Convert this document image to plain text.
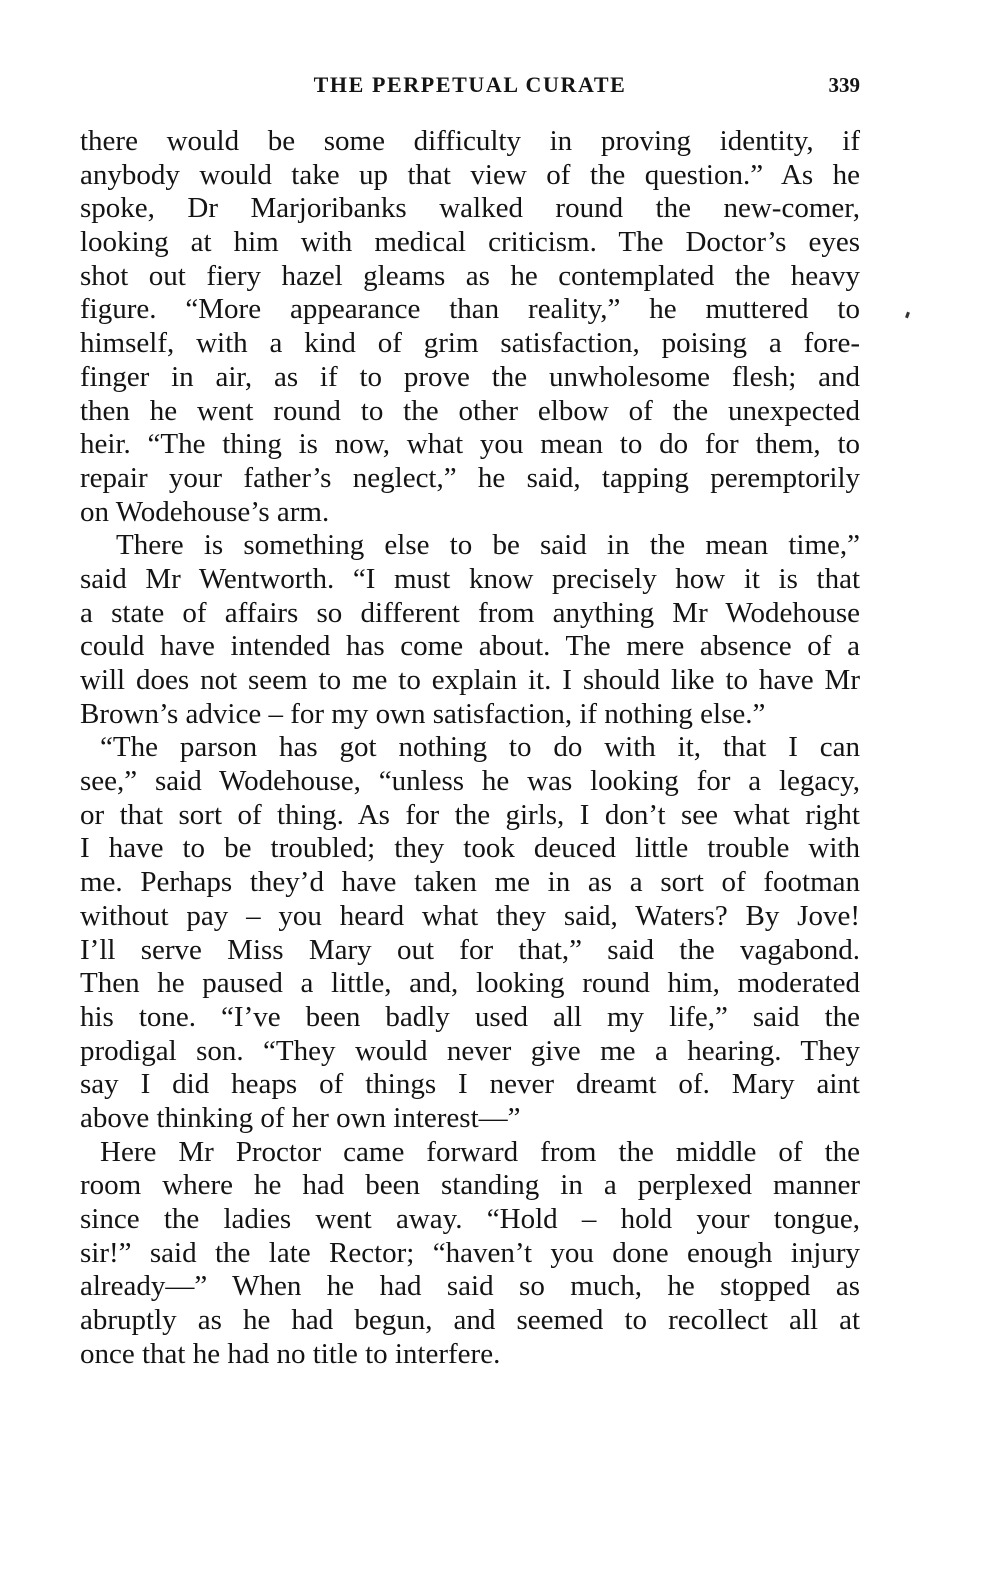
THE PERPETUAL CURATE	339
there would be some difficulty in proving identity, if
anybody would take up that view of the question.” As he
spoke, Dr Marjoribanks walked round the new-comer,
looking at him with medical criticism. The Doctor’s eyes
shot out fiery hazel gleams as he contemplated the heavy
figure. “More appearance than reality,” he muttered to
himself, with a kind of grim satisfaction, poising a fore-
finger in air, as if to prove the unwholesome flesh; and
then he went round to the other elbow of the unexpected
heir. “The thing is now, what you mean to do for them, to
repair your father’s neglect,” he said, tapping peremptorily
on Wodehouse’s arm.
There is something else to be said in the mean time,”
said Mr Wentworth. “I must know precisely how it is that
a state of affairs so different from anything Mr Wodehouse
could have intended has come about. The mere absence of a
will does not seem to me to explain it. I should like to have Mr
Brown’s advice – for my own satisfaction, if nothing else.”
“The parson has got nothing to do with it, that I can
see,” said Wodehouse, “unless he was looking for a legacy,
or that sort of thing. As for the girls, I don’t see what right
I have to be troubled; they took deuced little trouble with
me. Perhaps they’d have taken me in as a sort of footman
without pay – you heard what they said, Waters? By Jove!
I’ll serve Miss Mary out for that,” said the vagabond.
Then he paused a little, and, looking round him, moderated
his tone. “I’ve been badly used all my life,” said the
prodigal son. “They would never give me a hearing. They
say I did heaps of things I never dreamt of. Mary aint
above thinking of her own interest—”
Here Mr Proctor came forward from the middle of the
room where he had been standing in a perplexed manner
since the ladies went away. “Hold – hold your tongue,
sir!” said the late Rector; “haven’t you done enough injury
already—” When he had said so much, he stopped as
abruptly as he had begun, and seemed to recollect all at
once that he had no title to interfere.
